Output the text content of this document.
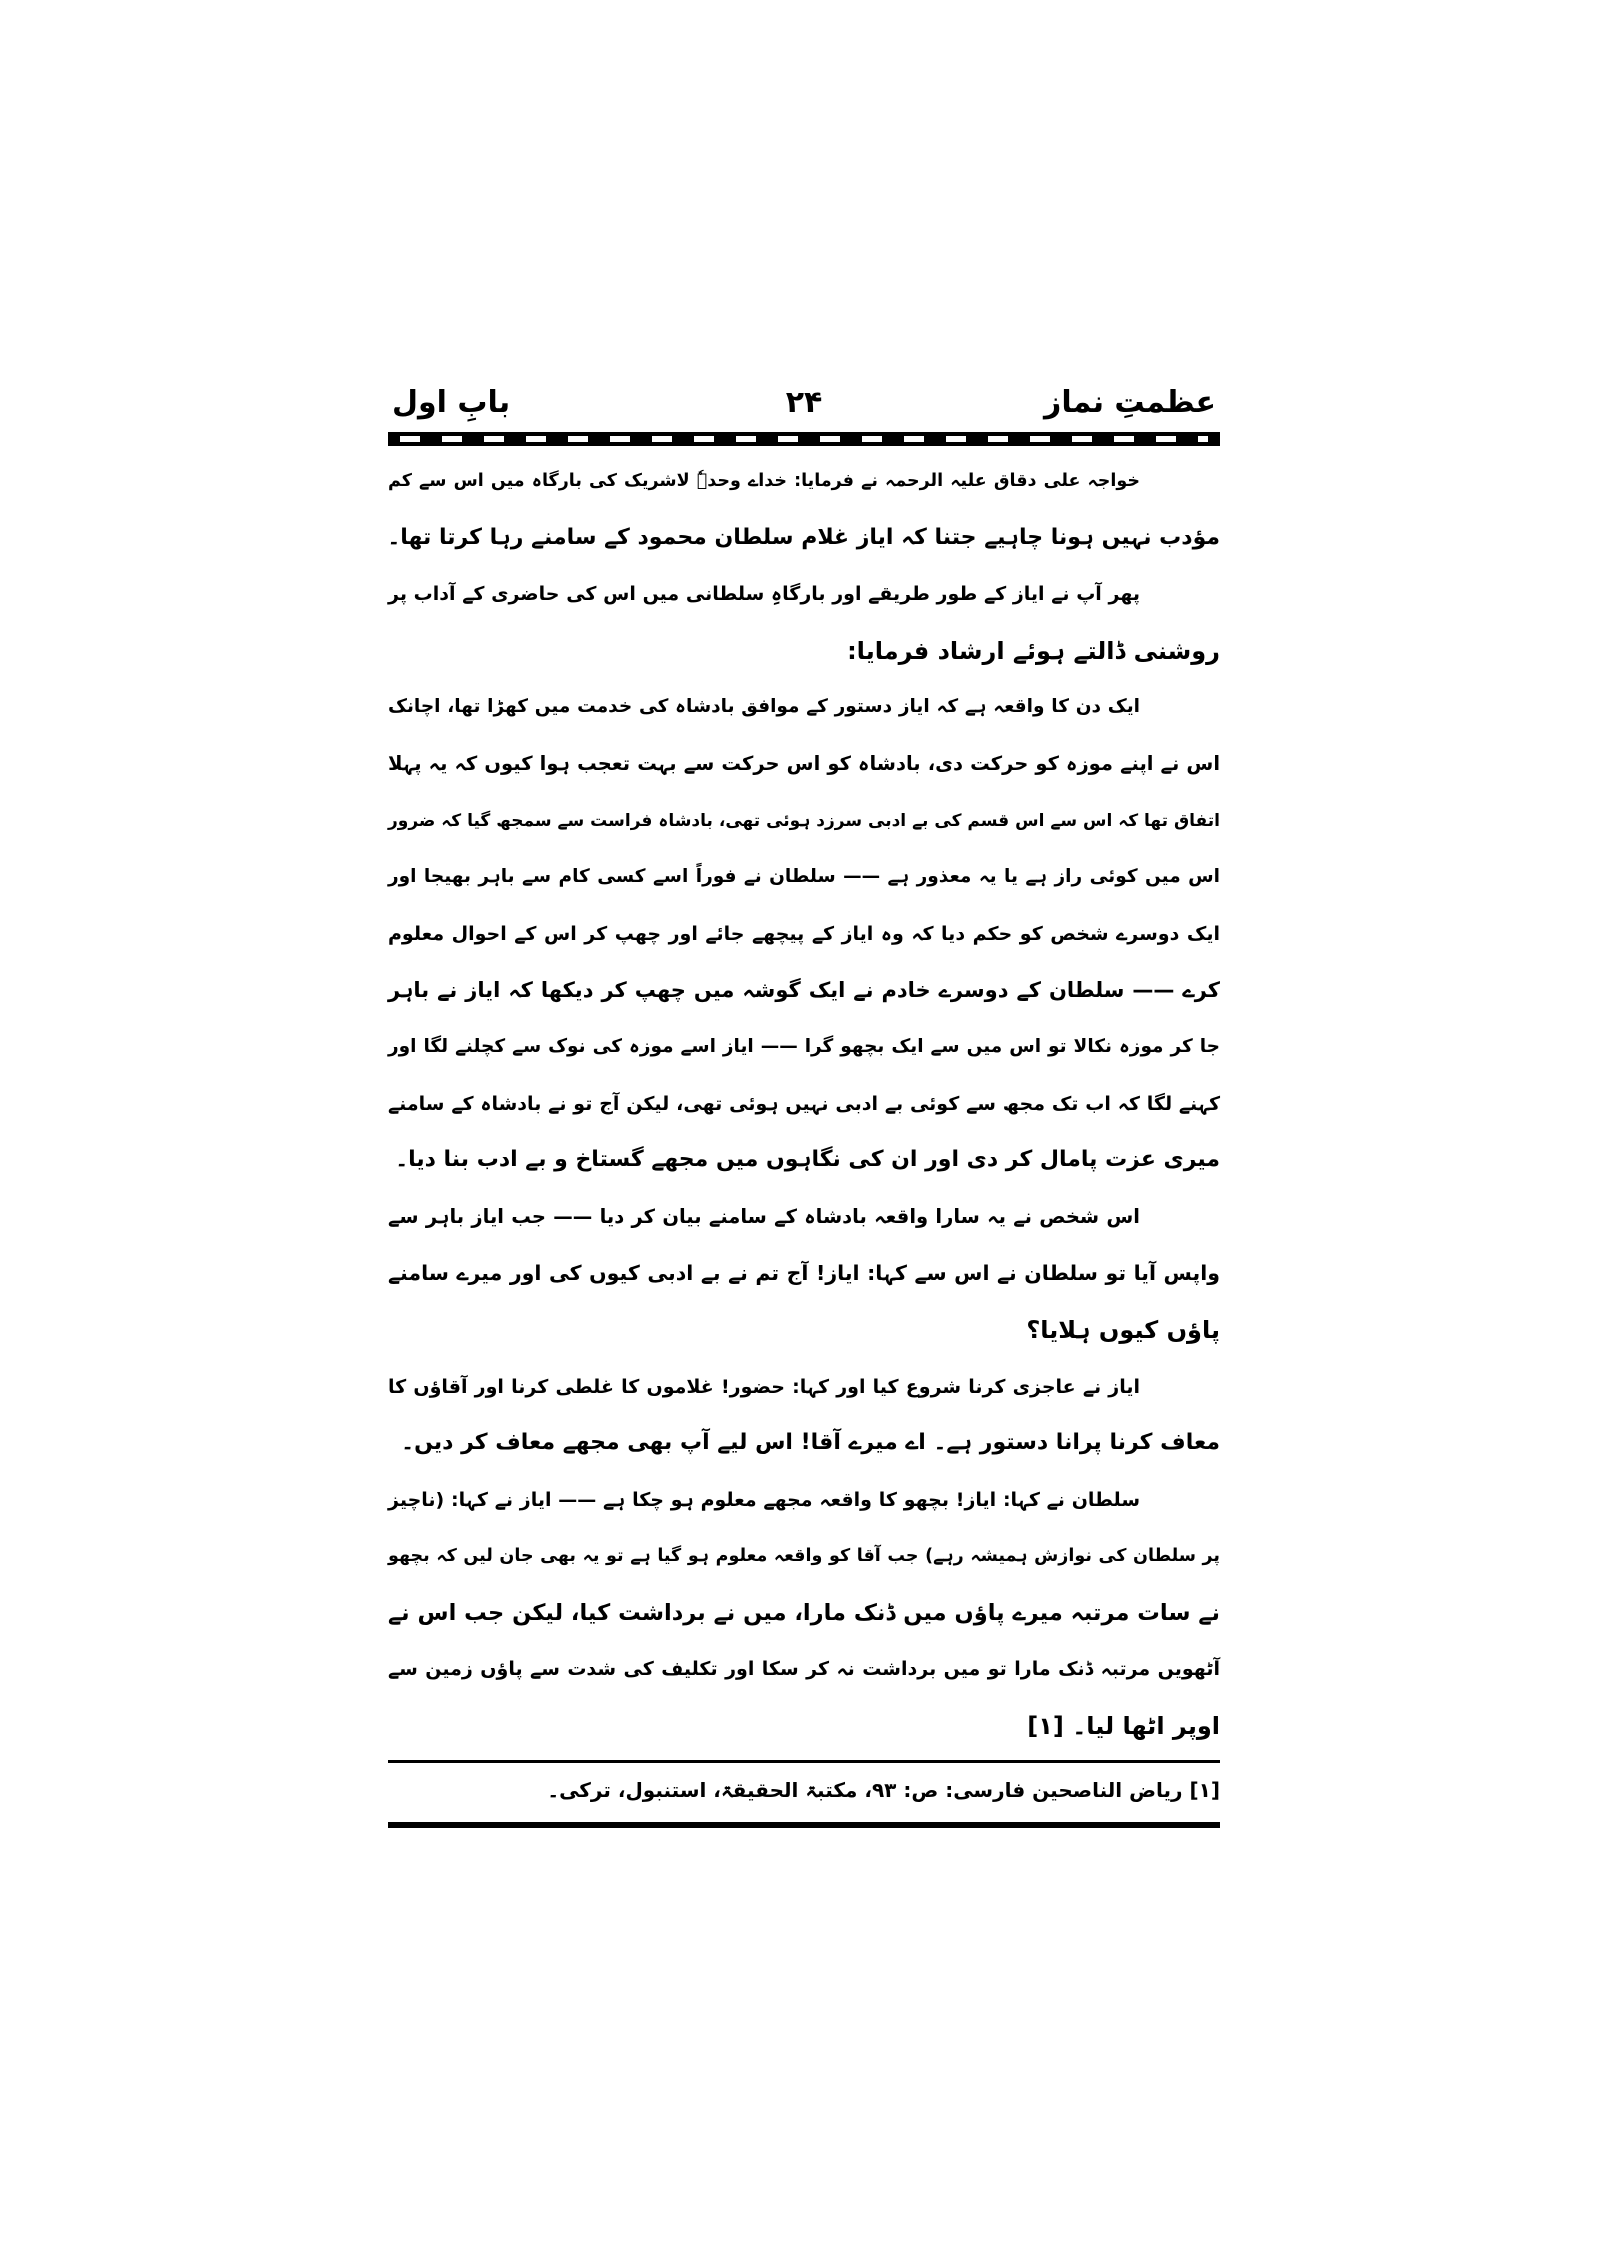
عظمتِ نماز
۲۴
بابِ اول
خواجہ علی دقاق علیہ الرحمہ نے فرمایا: خداے وحدہٗ لاشریک کی بارگاہ میں اس سے کم
مؤدب نہیں ہونا چاہیے جتنا کہ ایاز غلام سلطان محمود کے سامنے رہا کرتا تھا۔
پھر آپ نے ایاز کے طور طریقے اور بارگاہِ سلطانی میں اس کی حاضری کے آداب پر
روشنی ڈالتے ہوئے ارشاد فرمایا:
ایک دن کا واقعہ ہے کہ ایاز دستور کے موافق بادشاہ کی خدمت میں کھڑا تھا، اچانک
اس نے اپنے موزہ کو حرکت دی، بادشاہ کو اس حرکت سے بہت تعجب ہوا کیوں کہ یہ پہلا
اتفاق تھا کہ اس سے اس قسم کی بے ادبی سرزد ہوئی تھی، بادشاہ فراست سے سمجھ گیا کہ ضرور
اس میں کوئی راز ہے یا یہ معذور ہے —— سلطان نے فوراً اسے کسی کام سے باہر بھیجا اور
ایک دوسرے شخص کو حکم دیا کہ وہ ایاز کے پیچھے جائے اور چھپ کر اس کے احوال معلوم
کرے —— سلطان کے دوسرے خادم نے ایک گوشہ میں چھپ کر دیکھا کہ ایاز نے باہر
جا کر موزہ نکالا تو اس میں سے ایک بچھو گرا —— ایاز اسے موزہ کی نوک سے کچلنے لگا اور
کہنے لگا کہ اب تک مجھ سے کوئی بے ادبی نہیں ہوئی تھی، لیکن آج تو نے بادشاہ کے سامنے
میری عزت پامال کر دی اور ان کی نگاہوں میں مجھے گستاخ و بے ادب بنا دیا۔
اس شخص نے یہ سارا واقعہ بادشاہ کے سامنے بیان کر دیا —— جب ایاز باہر سے
واپس آیا تو سلطان نے اس سے کہا: ایاز! آج تم نے بے ادبی کیوں کی اور میرے سامنے
پاؤں کیوں ہلایا؟
ایاز نے عاجزی کرنا شروع کیا اور کہا: حضور! غلاموں کا غلطی کرنا اور آقاؤں کا
معاف کرنا پرانا دستور ہے۔ اے میرے آقا! اس لیے آپ بھی مجھے معاف کر دیں۔
سلطان نے کہا: ایاز! بچھو کا واقعہ مجھے معلوم ہو چکا ہے —— ایاز نے کہا: (ناچیز
پر سلطان کی نوازش ہمیشہ رہے) جب آقا کو واقعہ معلوم ہو گیا ہے تو یہ بھی جان لیں کہ بچھو
نے سات مرتبہ میرے پاؤں میں ڈنک مارا، میں نے برداشت کیا، لیکن جب اس نے
آٹھویں مرتبہ ڈنک مارا تو میں برداشت نہ کر سکا اور تکلیف کی شدت سے پاؤں زمین سے
اوپر اٹھا لیا۔ [۱]
[۱] ریاض الناصحین فارسی: ص: ۹۳، مکتبۃ الحقیقۃ، استنبول، ترکی۔
